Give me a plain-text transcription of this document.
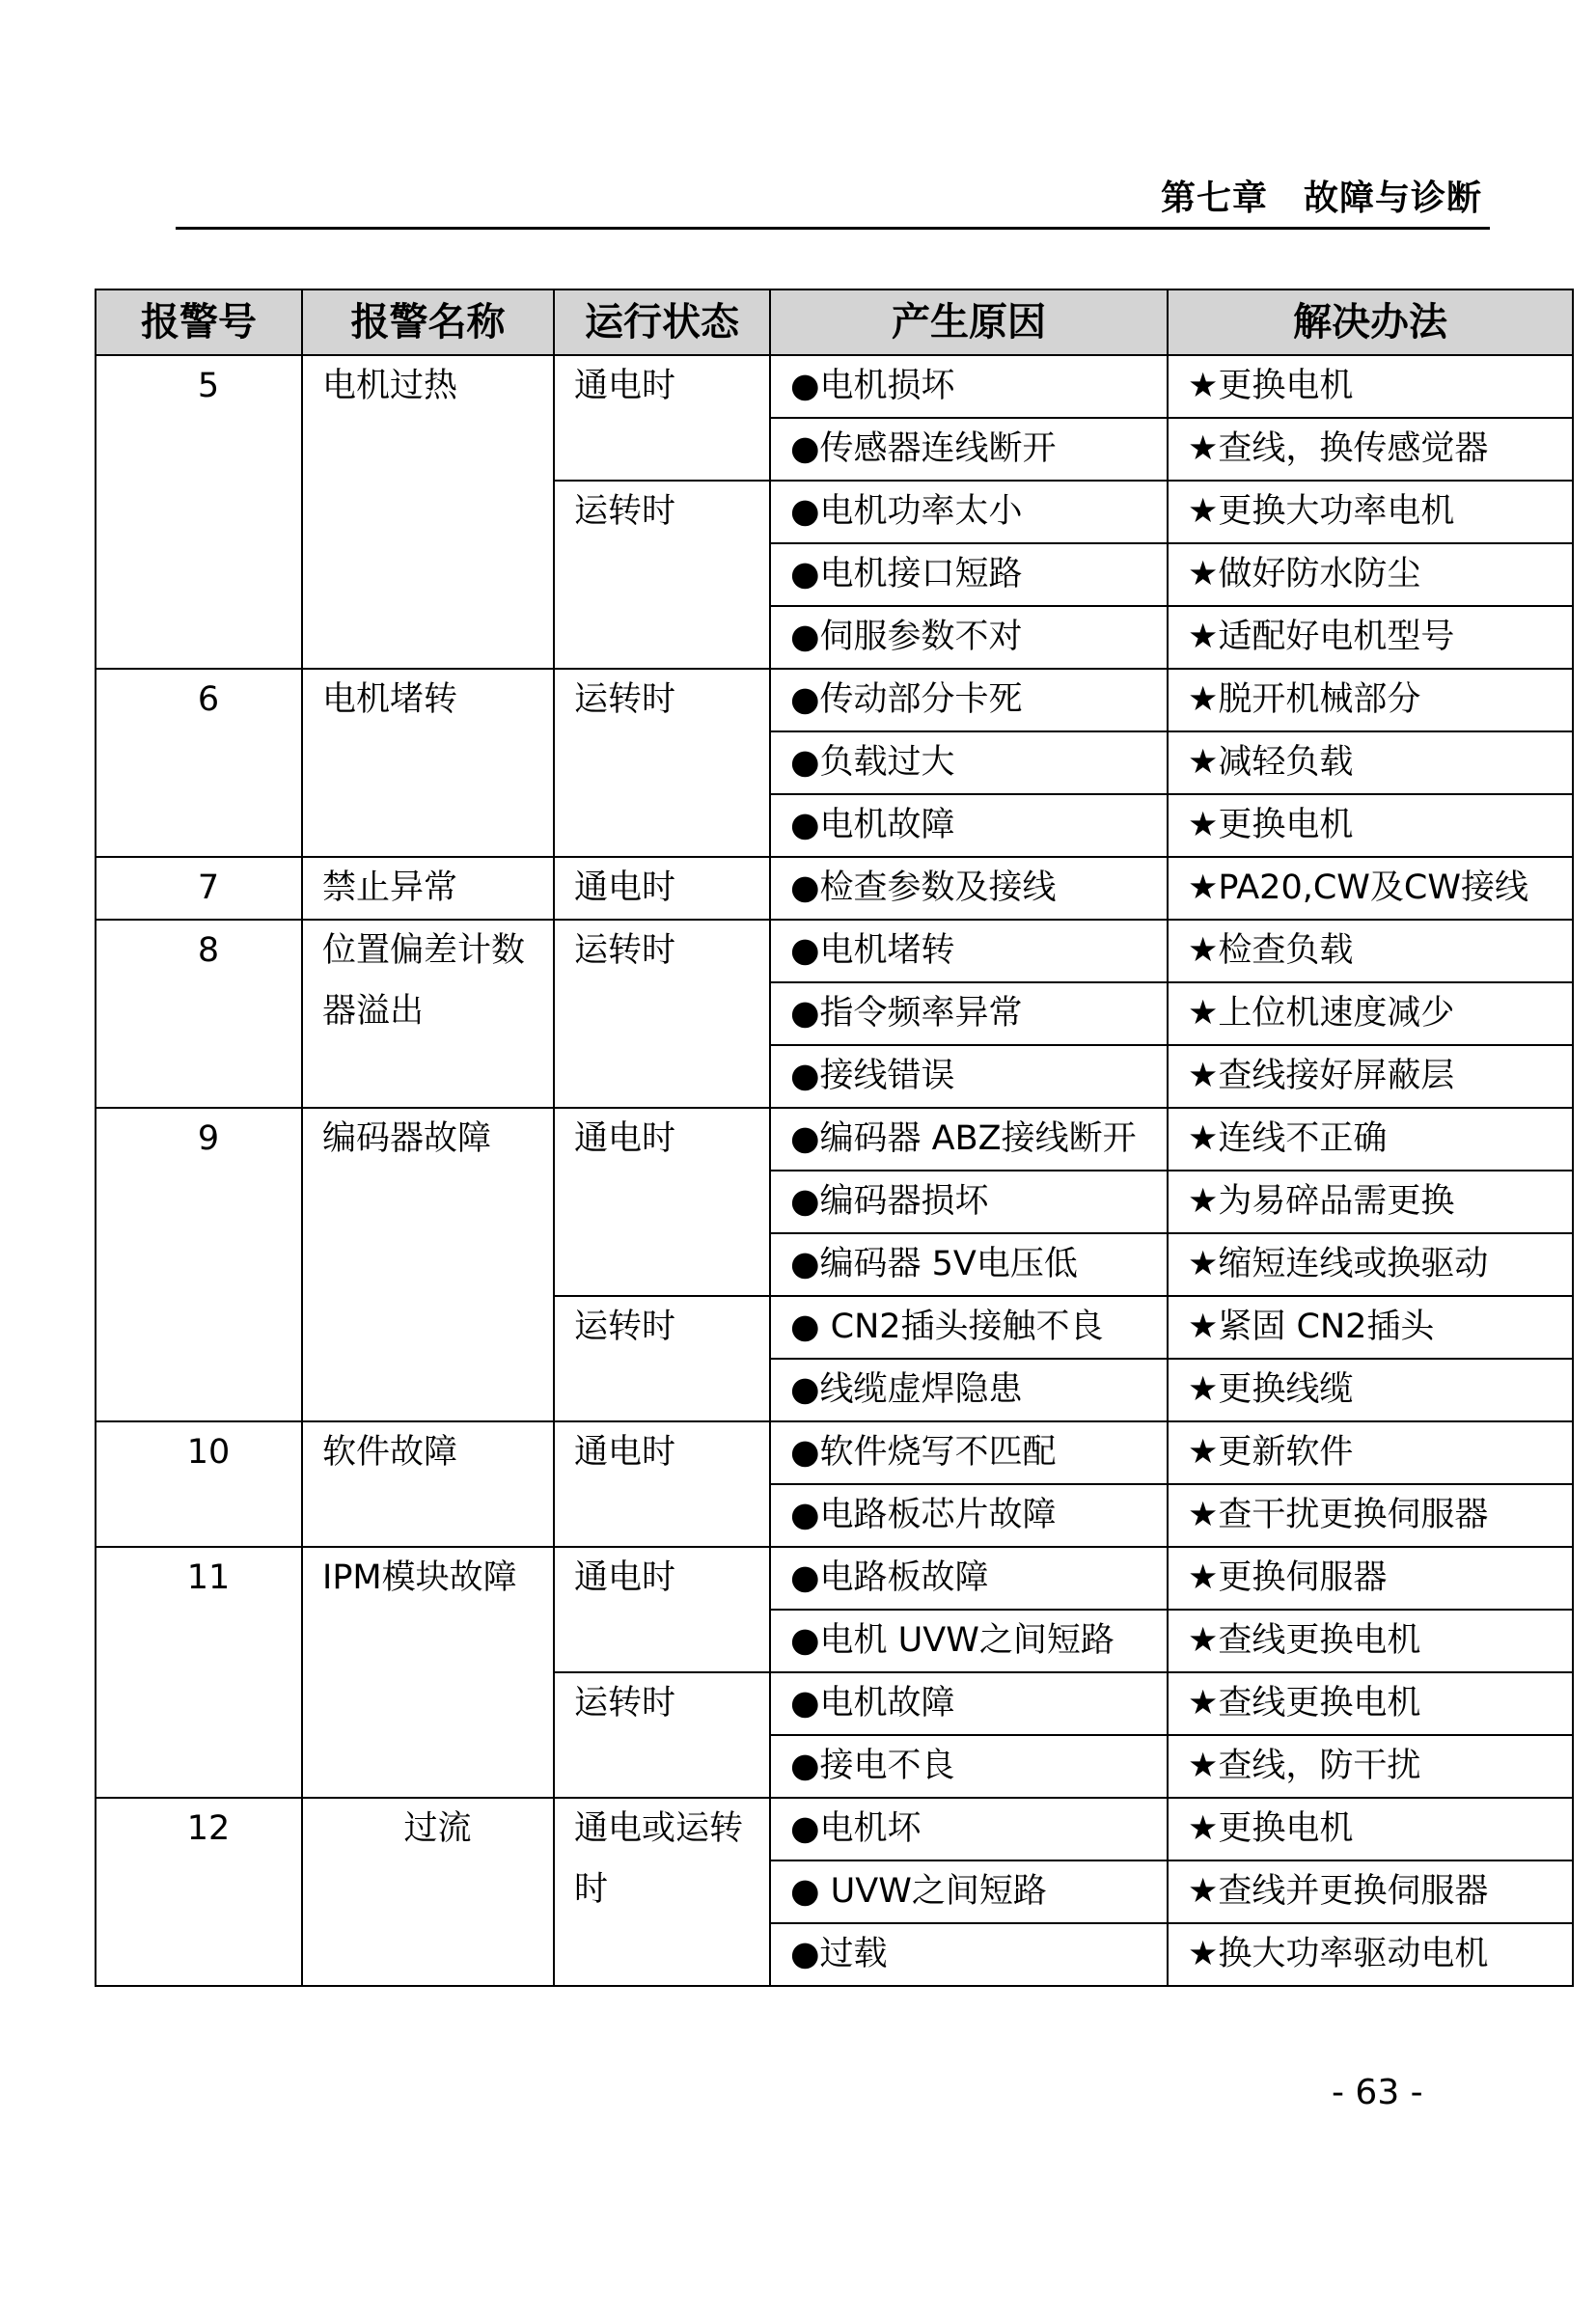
第七章　故障与诊断
报警号	报警名称	运行状态	产生原因	解决办法
5	电机过热	通电时	●电机损坏	★更换电机
			●传感器连线断开	★查线，换传感觉器
		运转时	●电机功率太小	★更换大功率电机
			●电机接口短路	★做好防水防尘
			●伺服参数不对	★适配好电机型号
6	电机堵转	运转时	●传动部分卡死	★脱开机械部分
			●负载过大	★减轻负载
			●电机故障	★更换电机
7	禁止异常	通电时	●检查参数及接线	★PA20,CW及CW接线
8	位置偏差计数器溢出	运转时	●电机堵转	★检查负载
			●指令频率异常	★上位机速度减少
			●接线错误	★查线接好屏蔽层
9	编码器故障	通电时	●编码器 ABZ接线断开	★连线不正确
			●编码器损坏	★为易碎品需更换
			●编码器 5V电压低	★缩短连线或换驱动
		运转时	● CN2插头接触不良	★紧固 CN2插头
			●线缆虚焊隐患	★更换线缆
10	软件故障	通电时	●软件烧写不匹配	★更新软件
			●电路板芯片故障	★查干扰更换伺服器
11	IPM模块故障	通电时	●电路板故障	★更换伺服器
			●电机 UVW之间短路	★查线更换电机
		运转时	●电机故障	★查线更换电机
			●接电不良	★查线，防干扰
12	过流	通电或运转时	●电机坏	★更换电机
			● UVW之间短路	★查线并更换伺服器
			●过载	★换大功率驱动电机
- 63 -
